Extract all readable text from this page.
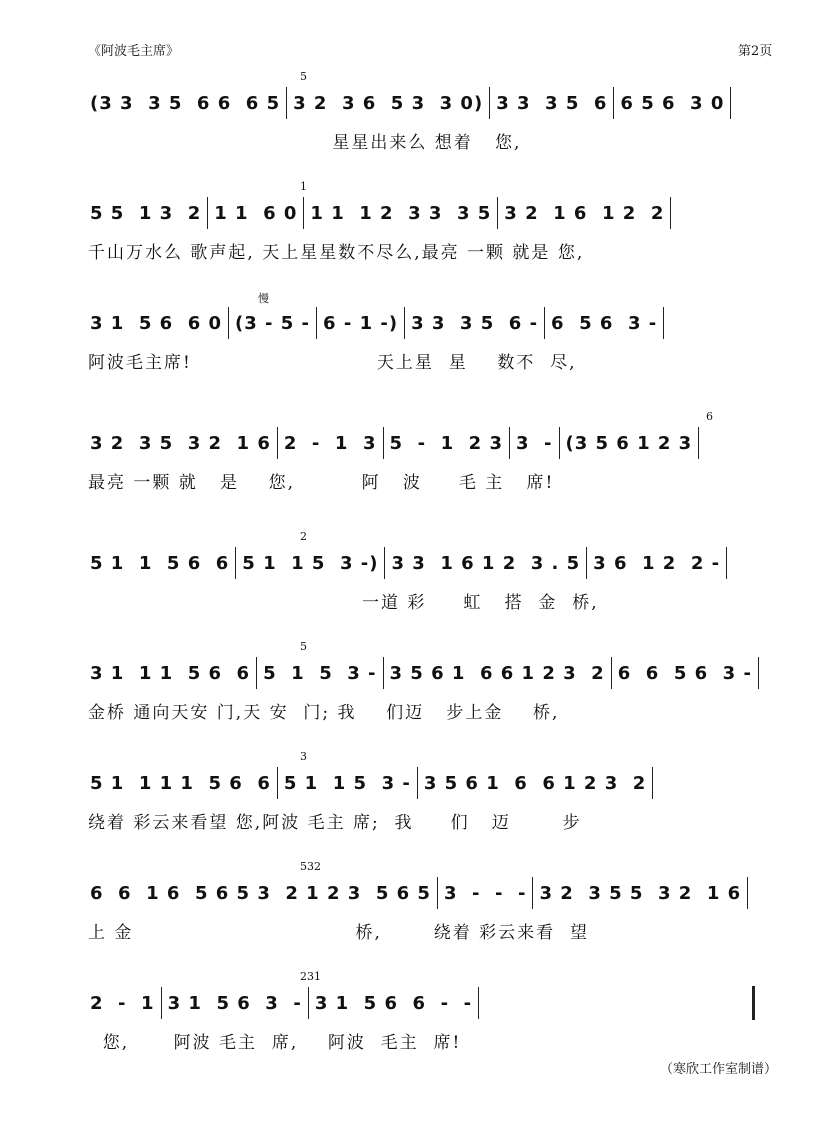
《阿波毛主席》	第2页
(3 3  3 5  6 6  6 5 3 2  3 6  5 3  3 0) 3 3  3 5  6 6 5 6  3 0
5
星星出来么 想着   您,
5 5  1 3  2 1 1  6 0 1 1  1 2  3 3  3 5 3 2  1 6  1 2  2
1
千山万水么 歌声起, 天上星星数不尽么,最亮 一颗 就是 您,
3 1  5 6  6 0 (3 - 5 - 6 - 1 -) 3 3  3 5  6 - 6  5 6  3 -
慢
阿波毛主席!                         天上星  星    数不  尽,
3 2  3 5  3 2  1 6 2  -  1  3 5  -  1  2 3 3  - (3 5 6 1 2 3
6
最亮 一颗 就   是    您,         阿   波     毛 主   席!
5 1  1  5 6  6 5 1  1 5  3 -) 3 3  1 6 1 2  3 . 5 3 6  1 2  2 -
2
一道 彩     虹   搭  金  桥,
3 1  1 1  5 6  6 5  1  5  3 - 3 5 6 1  6 6 1 2 3  2 6  6  5 6  3 -
5
金桥 通向天安 门,天 安  门; 我    们迈   步上金    桥,
5 1  1 1 1  5 6  6 5 1  1 5  3 - 3 5 6 1  6  6 1 2 3  2
3
绕着 彩云来看望 您,阿波 毛主 席;  我     们   迈       步
6  6  1 6  5 6 5 3  2 1 2 3  5 6 5 3  -  -  - 3 2  3 5 5  3 2  1 6
532
上 金                              桥,       绕着 彩云来看  望
2  -  1 3 1  5 6  3  - 3 1  5 6  6  -  -
231
您,      阿波 毛主  席,    阿波  毛主  席!
（寒欣工作室制谱）
